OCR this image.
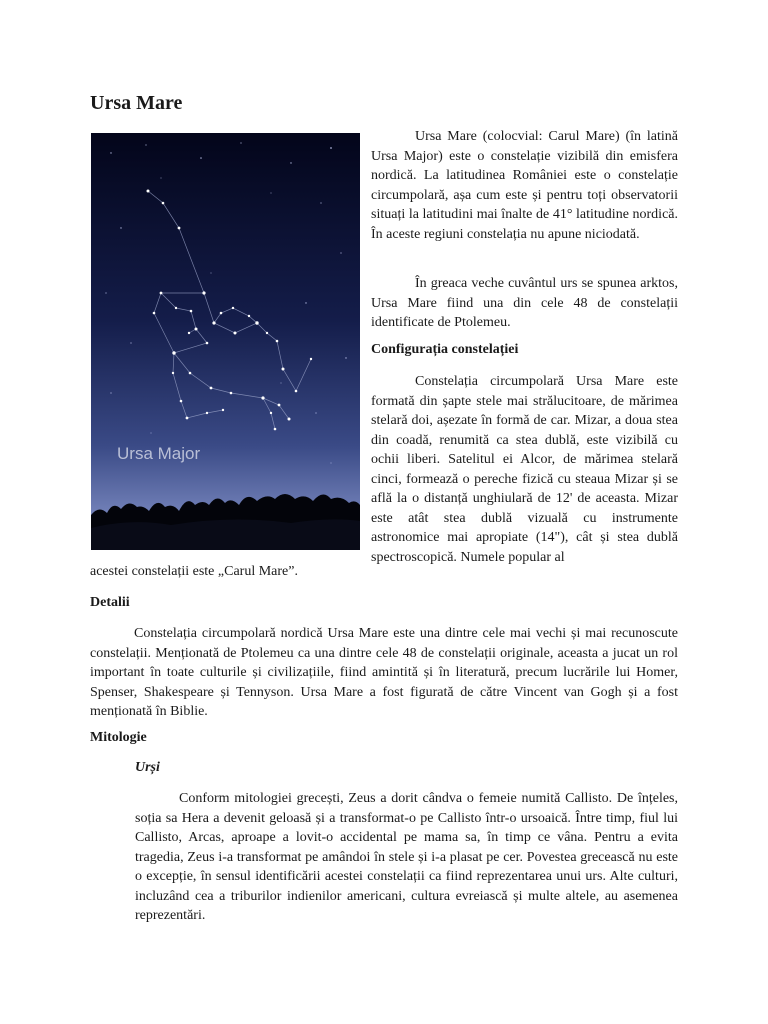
Ursa Mare
Ursa Major

Ursa Mare (colocvial: Carul Mare) (în latină Ursa Major) este o constelație vizibilă din emisfera nordică. La latitudinea României este o constelație circumpolară, așa cum este și pentru toți observatorii situați la latitudini mai înalte de 41° latitudine nordică. În aceste regiuni constelația nu apune niciodată.

În greaca veche cuvântul urs se spunea arktos, Ursa Mare fiind una din cele 48 de constelații identificate de Ptolemeu.

Configurația constelației

Constelația circumpolară Ursa Mare este formată din șapte stele mai strălucitoare, de mărimea stelară doi, așezate în formă de car. Mizar, a doua stea din coadă, renumită ca stea dublă, este vizibilă cu ochii liberi. Satelitul ei Alcor, de mărimea stelară cinci, formează o pereche fizică cu steaua Mizar și se află la o distanță unghiulară de 12' de aceasta. Mizar este atât stea dublă vizuală cu instrumente astronomice mai apropiate (14"), cât și stea dublă spectroscopică. Numele popular al

acestei constelații este „Carul Mare”.

Detalii

Constelația circumpolară nordică Ursa Mare este una dintre cele mai vechi și mai recunoscute constelații. Menționată de Ptolemeu ca una dintre cele 48 de constelații originale, aceasta a jucat un rol important în toate culturile și civilizațiile, fiind amintită și în literatură, precum lucrările lui Homer, Spenser, Shakespeare și Tennyson. Ursa Mare a fost figurată de către Vincent van Gogh și a fost menționată în Biblie.

Mitologie
Urși

Conform mitologiei grecești, Zeus a dorit cândva o femeie numită Callisto. De înțeles, soția sa Hera a devenit geloasă și a transformat-o pe Callisto într-o ursoaică. Între timp, fiul lui Callisto, Arcas, aproape a lovit-o accidental pe mama sa, în timp ce vâna. Pentru a evita tragedia, Zeus i-a transformat pe amândoi în stele și i-a plasat pe cer. Povestea grecească nu este o excepție, în sensul identificării acestei constelații ca fiind reprezentarea unui urs. Alte culturi, incluzând cea a triburilor indienilor americani, cultura evreiască și multe altele, au asemenea reprezentări.
